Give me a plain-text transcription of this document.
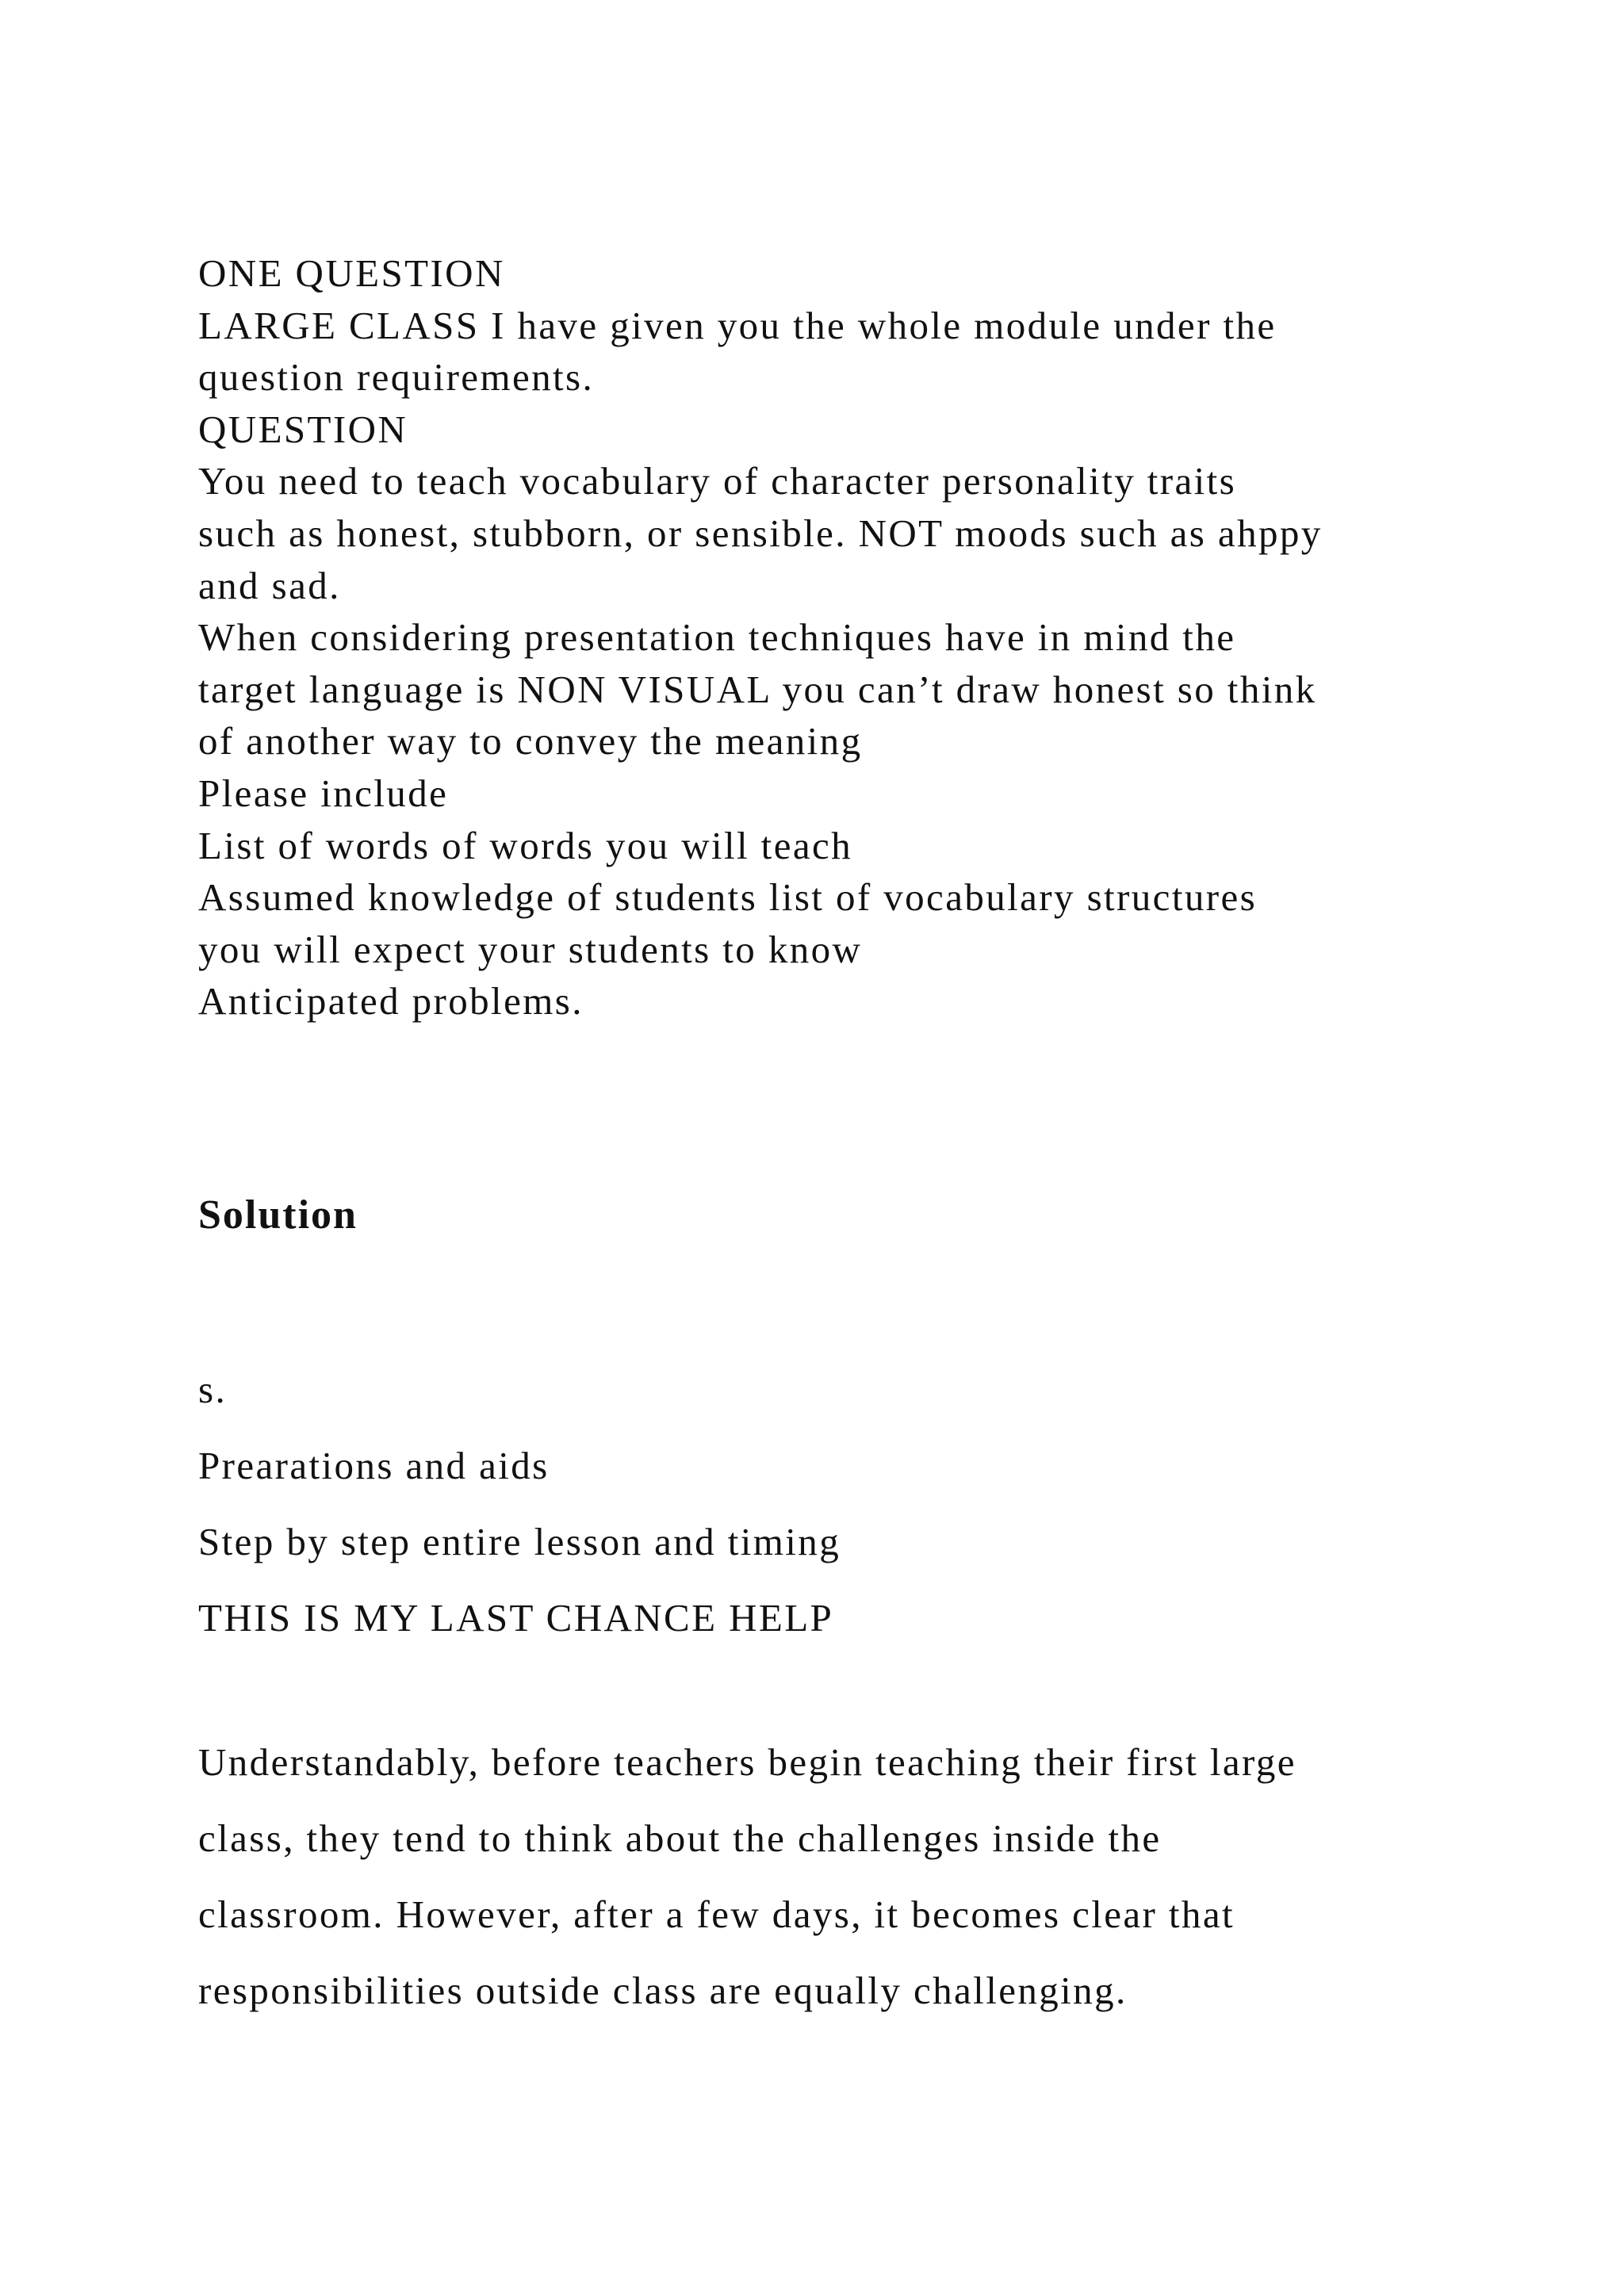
ONE QUESTION
LARGE CLASS I have given you the whole module under the
question requirements.
QUESTION
You need to teach vocabulary of character personality traits
such as honest, stubborn, or sensible. NOT moods such as ahppy
and sad.
When considering presentation techniques have in mind the
target language is NON VISUAL you can’t draw honest so think
of another way to convey the meaning
Please include
List of words of words you will teach
Assumed knowledge of students list of vocabulary structures
you will expect your students to know
Anticipated problems.
Solution
s.
Prearations and aids
Step by step entire lesson and timing
THIS IS MY LAST CHANCE HELP
Understandably, before teachers begin teaching their first large
class, they tend to think about the challenges inside the
classroom. However, after a few days, it becomes clear that
responsibilities outside class are equally challenging.
